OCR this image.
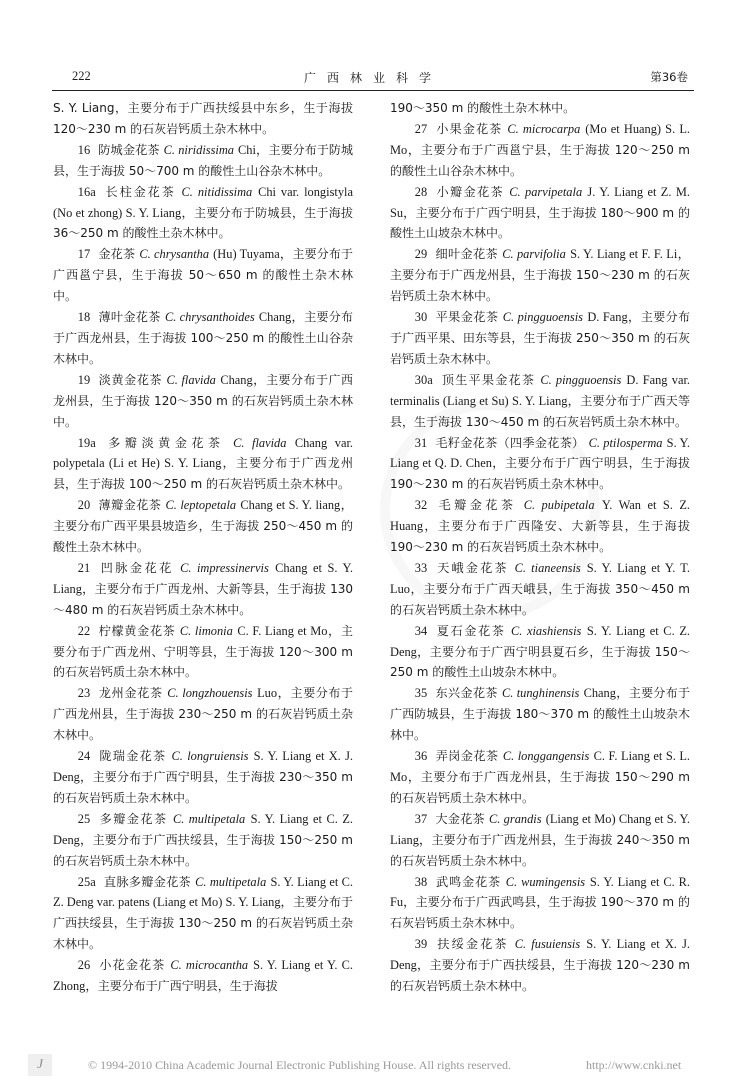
222	广西林业科学	第36卷

S. Y. Liang，主要分布于广西扶绥县中东乡，生于海拔 120～230 m 的石灰岩钙质土杂木林中。

16 防城金花茶 C. niridissima Chi，主要分布于防城县，生于海拔 50～700 m 的酸性土山谷杂木林中。

16a 长柱金花茶 C. nitidissima Chi var. longistyla (No et zhong) S. Y. Liang，主要分布于防城县，生于海拔 36～250 m 的酸性土杂木林中。

17 金花茶 C. chrysantha (Hu) Tuyama，主要分布于广西邕宁县，生于海拔 50～650 m 的酸性土杂木林中。

18 薄叶金花茶 C. chrysanthoides Chang，主要分布于广西龙州县，生于海拔 100～250 m 的酸性土山谷杂木林中。

19 淡黄金花茶 C. flavida Chang，主要分布于广西龙州县，生于海拔 120～350 m 的石灰岩钙质土杂木林中。

19a 多瓣淡黄金花茶 C. flavida Chang var. polypetala (Li et He) S. Y. Liang，主要分布于广西龙州县，生于海拔 100～250 m 的石灰岩钙质土杂木林中。

20 薄瓣金花茶 C. leptopetala Chang et S. Y. liang，主要分布广西平果县坡造乡，生于海拔 250～450 m 的酸性土杂木林中。

21 凹脉金花花 C. impressinervis Chang et S. Y. Liang，主要分布于广西龙州、大新等县，生于海拔 130～480 m 的石灰岩钙质土杂木林中。

22 柠檬黄金花茶 C. limonia C. F. Liang et Mo，主要分布于广西龙州、宁明等县，生于海拔 120～300 m 的石灰岩钙质土杂木林中。

23 龙州金花茶 C. longzhouensis Luo，主要分布于广西龙州县，生于海拔 230～250 m 的石灰岩钙质土杂木林中。

24 陇瑞金花茶 C. longruiensis S. Y. Liang et X. J. Deng，主要分布于广西宁明县，生于海拔 230～350 m 的石灰岩钙质土杂木林中。

25 多瓣金花茶 C. multipetala S. Y. Liang et C. Z. Deng，主要分布于广西扶绥县，生于海拔 150～250 m 的石灰岩钙质土杂木林中。

25a 直脉多瓣金花茶 C. multipetala S. Y. Liang et C. Z. Deng var. patens (Liang et Mo) S. Y. Liang，主要分布于广西扶绥县，生于海拔 130～250 m 的石灰岩钙质土杂木林中。

26 小花金花茶 C. microcantha S. Y. Liang et Y. C. Zhong，主要分布于广西宁明县，生于海拔

190～350 m 的酸性土杂木林中。

27 小果金花茶 C. microcarpa (Mo et Huang) S. L. Mo，主要分布于广西邕宁县，生于海拔 120～250 m 的酸性土山谷杂木林中。

28 小瓣金花茶 C. parvipetala J. Y. Liang et Z. M. Su，主要分布于广西宁明县，生于海拔 180～900 m 的酸性土山坡杂木林中。

29 细叶金花茶 C. parvifolia S. Y. Liang et F. F. Li，主要分布于广西龙州县，生于海拔 150～230 m 的石灰岩钙质土杂木林中。

30 平果金花茶 C. pingguoensis D. Fang，主要分布于广西平果、田东等县，生于海拔 250～350 m 的石灰岩钙质土杂木林中。

30a 顶生平果金花茶 C. pingguoensis D. Fang var. terminalis (Liang et Su) S. Y. Liang，主要分布于广西天等县，生于海拔 130～450 m 的石灰岩钙质土杂木林中。

31 毛籽金花茶（四季金花茶） C. ptilosperma S. Y. Liang et Q. D. Chen，主要分布于广西宁明县，生于海拔 190～230 m 的石灰岩钙质土杂木林中。

32 毛瓣金花茶 C. pubipetala Y. Wan et S. Z. Huang，主要分布于广西隆安、大新等县，生于海拔 190～230 m 的石灰岩钙质土杂木林中。

33 天峨金花茶 C. tianeensis S. Y. Liang et Y. T. Luo，主要分布于广西天峨县，生于海拔 350～450 m 的石灰岩钙质土杂木林中。

34 夏石金花茶 C. xiashiensis S. Y. Liang et C. Z. Deng，主要分布于广西宁明县夏石乡，生于海拔 150～250 m 的酸性土山坡杂木林中。

35 东兴金花茶 C. tunghinensis Chang，主要分布于广西防城县，生于海拔 180～370 m 的酸性土山坡杂木林中。

36 弄岗金花茶 C. longgangensis C. F. Liang et S. L. Mo，主要分布于广西龙州县，生于海拔 150～290 m 的石灰岩钙质土杂木林中。

37 大金花茶 C. grandis (Liang et Mo) Chang et S. Y. Liang，主要分布于广西龙州县，生于海拔 240～350 m 的石灰岩钙质土杂木林中。

38 武鸣金花茶 C. wumingensis S. Y. Liang et C. R. Fu，主要分布于广西武鸣县，生于海拔 190～370 m 的石灰岩钙质土杂木林中。

39 扶绥金花茶 C. fusuiensis S. Y. Liang et X. J. Deng，主要分布于广西扶绥县，生于海拔 120～230 m 的石灰岩钙质土杂木林中。

J	© 1994-2010 China Academic Journal Electronic Publishing House. All rights reserved.	http://www.cnki.net
